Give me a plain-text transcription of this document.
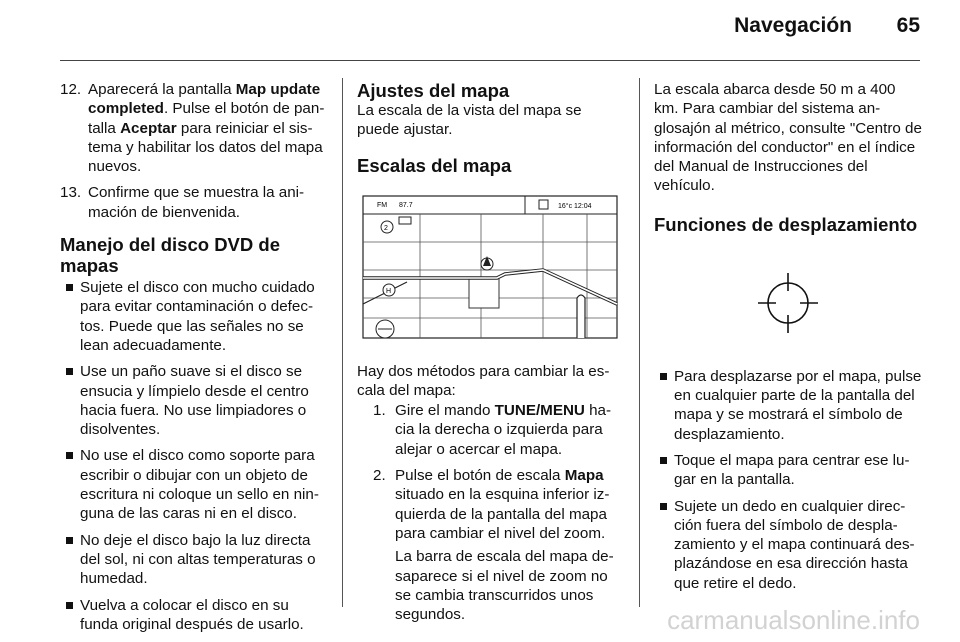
Navegación 65
12. Aparecerá la pantalla Map update completed. Pulse el botón de pantalla Aceptar para reiniciar el sistema y habilitar los datos del mapa nuevos.
13. Confirme que se muestra la animación de bienvenida.
Manejo del disco DVD de mapas
Sujete el disco con mucho cuidado para evitar contaminación o defectos. Puede que las señales no se lean adecuadamente.
Use un paño suave si el disco se ensucia y límpielo desde el centro hacia fuera. No use limpiadores o disolventes.
No use el disco como soporte para escribir o dibujar con un objeto de escritura ni coloque un sello en ninguna de las caras ni en el disco.
No deje el disco bajo la luz directa del sol, ni con altas temperaturas o humedad.
Vuelva a colocar el disco en su funda original después de usarlo.
Ajustes del mapa

La escala de la vista del mapa se puede ajustar.

Escalas del mapa
FM 87.7	16°c 12:04
2
H

Hay dos métodos para cambiar la escala del mapa:

1. Gire el mando TUNE/MENU hacia la derecha o izquierda para alejar o acercar el mapa.
2. Pulse el botón de escala Mapa situado en la esquina inferior izquierda de la pantalla del mapa para cambiar el nivel del zoom.

La barra de escala del mapa desaparece si el nivel de zoom no se cambia transcurridos unos segundos.

La escala abarca desde 50 m a 400 km. Para cambiar del sistema anglosajón al métrico, consulte "Centro de información del conductor" en el índice del Manual de Instrucciones del vehículo.

Funciones de desplazamiento
Para desplazarse por el mapa, pulse en cualquier parte de la pantalla del mapa y se mostrará el símbolo de desplazamiento.
Toque el mapa para centrar ese lugar en la pantalla.
Sujete un dedo en cualquier dirección fuera del símbolo de desplazamiento y el mapa continuará desplazándose en esa dirección hasta que retire el dedo.
carmanualsonline.info
